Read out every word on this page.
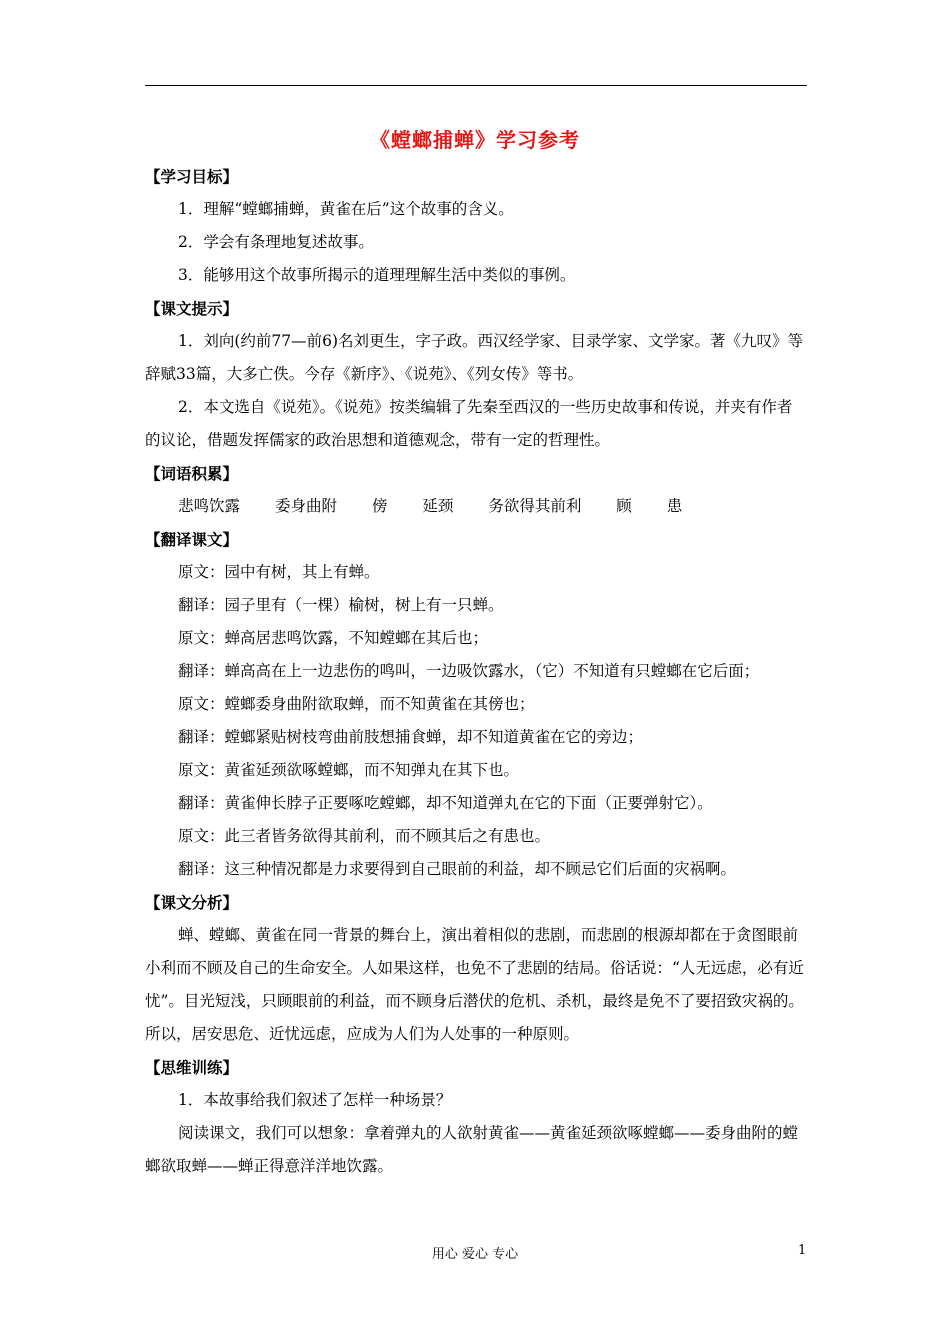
《螳螂捕蝉》学习参考

【学习目标】

1．理解“螳螂捕蝉，黄雀在后”这个故事的含义。

2．学会有条理地复述故事。

3．能够用这个故事所揭示的道理理解生活中类似的事例。

【课文提示】

1．刘向(约前77—前6)名刘更生，字子政。西汉经学家、目录学家、文学家。著《九叹》等辞赋33篇，大多亡佚。今存《新序》、《说苑》、《列女传》等书。

2．本文选自《说苑》。《说苑》按类编辑了先秦至西汉的一些历史故事和传说，并夹有作者的议论，借题发挥儒家的政治思想和道德观念，带有一定的哲理性。

【词语积累】

悲鸣饮露 委身曲附 傍 延颈 务欲得其前利 顾 患

【翻译课文】

原文：园中有树，其上有蝉。

翻译：园子里有（一棵）榆树，树上有一只蝉。

原文：蝉高居悲鸣饮露，不知螳螂在其后也；

翻译：蝉高高在上一边悲伤的鸣叫，一边吸饮露水，（它）不知道有只螳螂在它后面；

原文：螳螂委身曲附欲取蝉，而不知黄雀在其傍也；

翻译：螳螂紧贴树枝弯曲前肢想捕食蝉，却不知道黄雀在它的旁边；

原文：黄雀延颈欲啄螳螂，而不知弹丸在其下也。

翻译：黄雀伸长脖子正要啄吃螳螂，却不知道弹丸在它的下面（正要弹射它）。

原文：此三者皆务欲得其前利，而不顾其后之有患也。

翻译：这三种情况都是力求要得到自己眼前的利益，却不顾忌它们后面的灾祸啊。

【课文分析】

蝉、螳螂、黄雀在同一背景的舞台上，演出着相似的悲剧，而悲剧的根源却都在于贪图眼前小利而不顾及自己的生命安全。人如果这样，也免不了悲剧的结局。俗话说：“人无远虑，必有近忧”。目光短浅，只顾眼前的利益，而不顾身后潜伏的危机、杀机，最终是免不了要招致灾祸的。所以，居安思危、近忧远虑，应成为人们为人处事的一种原则。

【思维训练】

1．本故事给我们叙述了怎样一种场景？

阅读课文，我们可以想象：拿着弹丸的人欲射黄雀——黄雀延颈欲啄螳螂——委身曲附的螳螂欲取蝉——蝉正得意洋洋地饮露。

用心 爱心 专心	1
